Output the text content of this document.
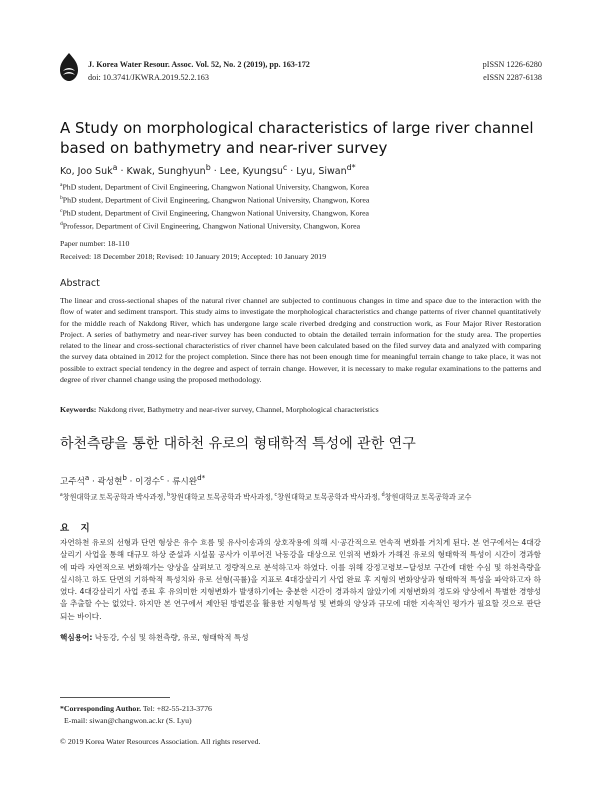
J. Korea Water Resour. Assoc. Vol. 52, No. 2 (2019), pp. 163-172
doi: 10.3741/JKWRA.2019.52.2.163
pISSN 1226-6280
eISSN 2287-6138
A Study on morphological characteristics of large river channel based on bathymetry and near-river survey
Ko, Joo Suk$^a$ · Kwak, Sunghyun$^b$ · Lee, Kyungsu$^c$ · Lyu, Siwan$^{d*}$
$^a$PhD student, Department of Civil Engineering, Changwon National University, Changwon, Korea
$^b$PhD student, Department of Civil Engineering, Changwon National University, Changwon, Korea
$^c$PhD student, Department of Civil Engineering, Changwon National University, Changwon, Korea
$^d$Professor, Department of Civil Engineering, Changwon National University, Changwon, Korea
Paper number: 18-110
Received: 18 December 2018; Revised: 10 January 2019; Accepted: 10 January 2019
Abstract
The linear and cross-sectional shapes of the natural river channel are subjected to continuous changes in time and space due to the interaction with the flow of water and sediment transport. This study aims to investigate the morphological characteristics and change patterns of river channel quantitatively for the middle reach of Nakdong River, which has undergone large scale riverbed dredging and construction work, as Four Major River Restoration Project. A series of bathymetry and near-river survey has been conducted to obtain the detailed terrain information for the study area. The properties related to the linear and cross-sectional characteristics of river channel have been calculated based on the filed survey data and analyzed with comparing the survey data obtained in 2012 for the project completion. Since there has not been enough time for meaningful terrain change to take place, it was not possible to extract special tendency in the degree and aspect of terrain change. However, it is necessary to make regular examinations to the patterns and degree of river channel change using the proposed methodology.
Keywords: Nakdong river, Bathymetry and near-river survey, Channel, Morphological characteristics
하천측량을 통한 대하천 유로의 형태학적 특성에 관한 연구
고주석$^a$ · 곽성현$^b$ · 이경수$^c$ · 류시완$^{d*}$
$^a$창원대학교 토목공학과 박사과정, $^b$창원대학교 토목공학과 박사과정, $^c$창원대학교 토목공학과 박사과정, $^d$창원대학교 토목공학과 교수
요 지
자연하천 유로의 선형과 단면 형상은 유수 흐름 및 유사이송과의 상호작용에 의해 시·공간적으로 연속적 변화를 거치게 된다. 본 연구에서는 4대강 살리기 사업을 통해 대규모 하상 준설과 시설물 공사가 이루어진 낙동강을 대상으로 인위적 변화가 가해진 유로의 형태학적 특성이 시간이 경과함에 따라 자연적으로 변화해가는 양상을 살펴보고 정량적으로 분석하고자 하였다. 이를 위해 강정고령보~달성보 구간에 대한 수심 및 하천측량을 실시하고 하도 단면의 기하학적 특성치와 유로 선형(곡률)을 지표로 4대강살리기 사업 완료 후 지형의 변화양상과 형태학적 특성을 파악하고자 하였다. 4대강살리기 사업 종료 후 유의미한 지형변화가 발생하기에는 충분한 시간이 경과하지 않았기에 지형변화의 정도와 양상에서 특별한 경향성을 추출할 수는 없었다. 하지만 본 연구에서 제안된 방법론을 활용한 지형특성 및 변화의 양상과 규모에 대한 지속적인 평가가 필요할 것으로 판단되는 바이다.
핵심용어: 낙동강, 수심 및 하천측량, 유로, 형태학적 특성
*Corresponding Author. Tel: +82-55-213-3776
E-mail: siwan@changwon.ac.kr (S. Lyu)
© 2019 Korea Water Resources Association. All rights reserved.
